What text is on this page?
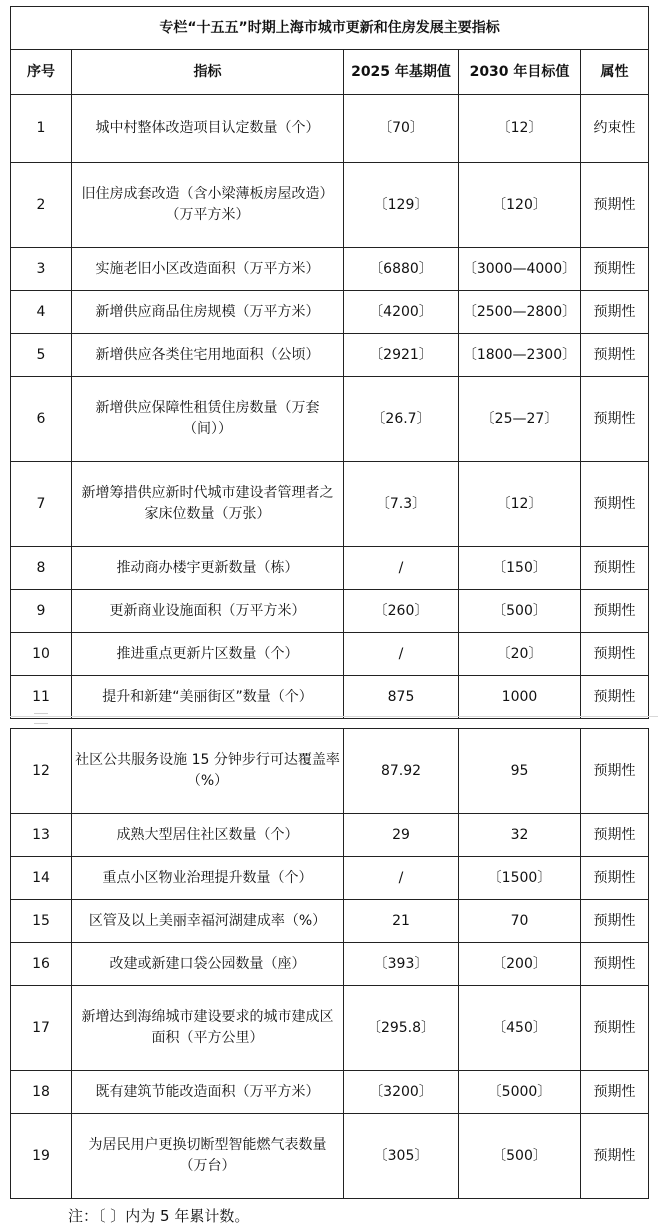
专栏“十五五”时期上海市城市更新和住房发展主要指标				
序号	指标	2025 年基期值	2030 年目标值	属性
1	城中村整体改造项目认定数量（个）	〔70〕	〔12〕	约束性
2	旧住房成套改造（含小梁薄板房屋改造）（万平方米）	〔129〕	〔120〕	预期性
3	实施老旧小区改造面积（万平方米）	〔6880〕	〔3000—4000〕	预期性
4	新增供应商品住房规模（万平方米）	〔4200〕	〔2500—2800〕	预期性
5	新增供应各类住宅用地面积（公顷）	〔2921〕	〔1800—2300〕	预期性
6	新增供应保障性租赁住房数量（万套（间））	〔26.7〕	〔25—27〕	预期性
7	新增筹措供应新时代城市建设者管理者之家床位数量（万张）	〔7.3〕	〔12〕	预期性
8	推动商办楼宇更新数量（栋）	/	〔150〕	预期性
9	更新商业设施面积（万平方米）	〔260〕	〔500〕	预期性
10	推进重点更新片区数量（个）	/	〔20〕	预期性
11	提升和新建“美丽街区”数量（个）	875	1000	预期性
12	社区公共服务设施 15 分钟步行可达覆盖率（%）	87.92	95	预期性
13	成熟大型居住社区数量（个）	29	32	预期性
14	重点小区物业治理提升数量（个）	/	〔1500〕	预期性
15	区管及以上美丽幸福河湖建成率（%）	21	70	预期性
16	改建或新建口袋公园数量（座）	〔393〕	〔200〕	预期性
17	新增达到海绵城市建设要求的城市建成区面积（平方公里）	〔295.8〕	〔450〕	预期性
18	既有建筑节能改造面积（万平方米）	〔3200〕	〔5000〕	预期性
19	为居民用户更换切断型智能燃气表数量（万台）	〔305〕	〔500〕	预期性
注：〔 〕内为 5 年累计数。
